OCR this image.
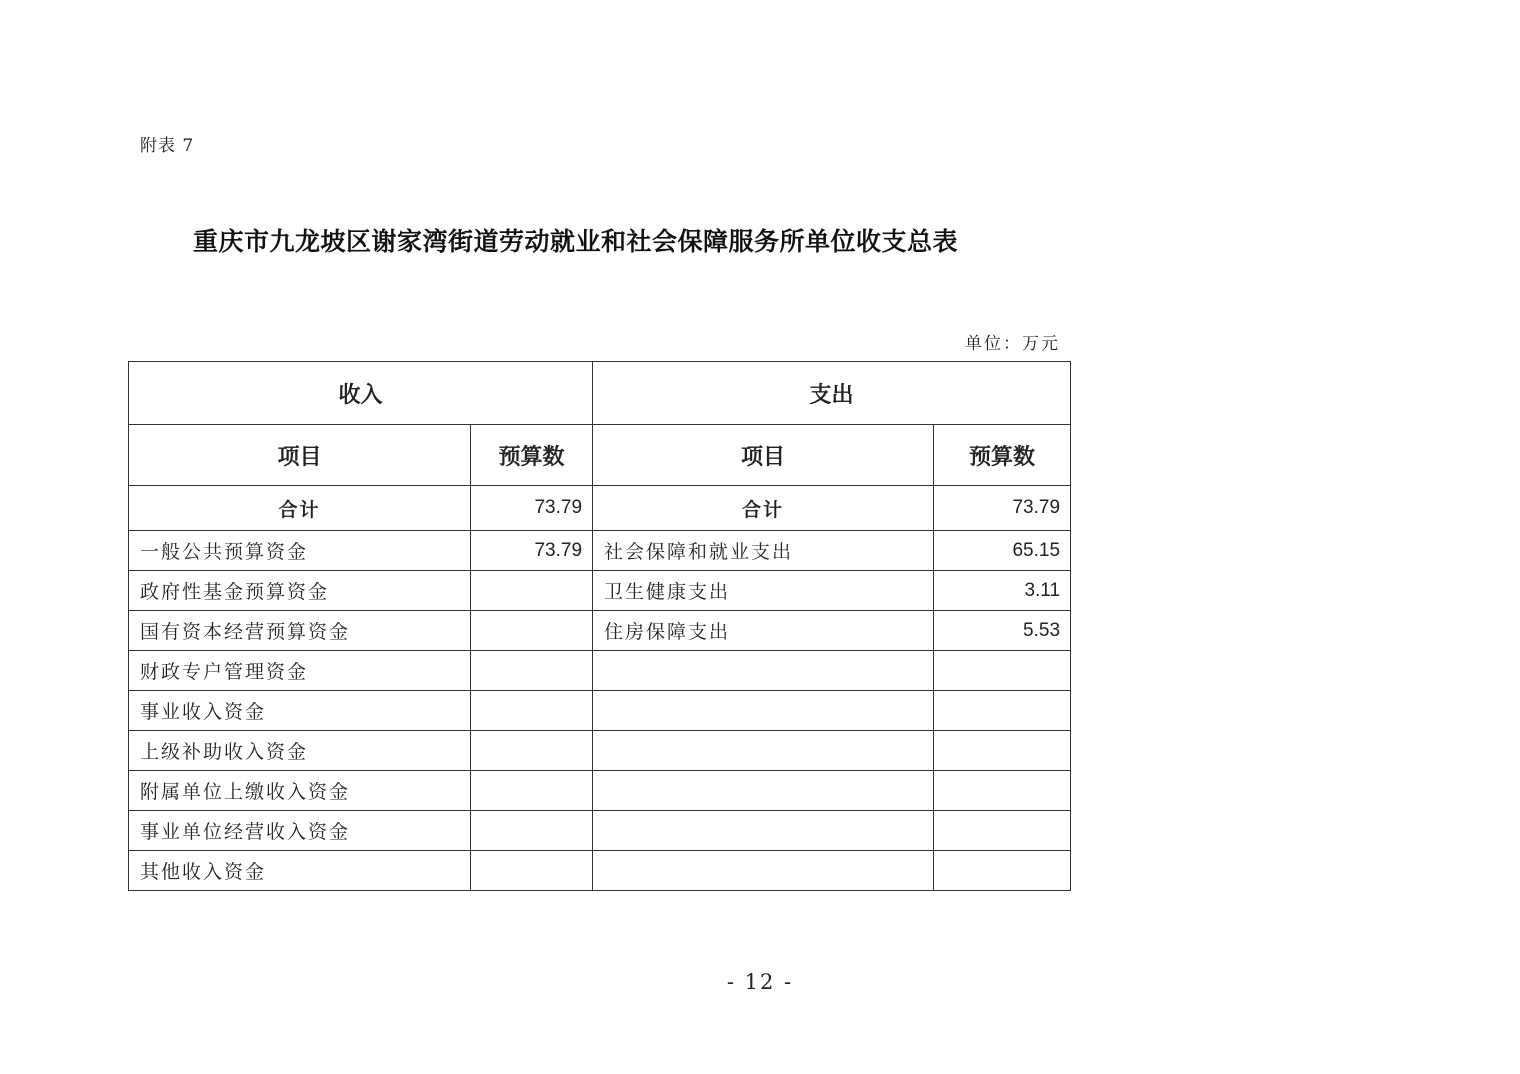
附表 7
重庆市九龙坡区谢家湾街道劳动就业和社会保障服务所单位收支总表
单位：万元
收入		支出	
项目	预算数	项目	预算数
合计	73.79	合计	73.79
一般公共预算资金	73.79	社会保障和就业支出	65.15
政府性基金预算资金		卫生健康支出	3.11
国有资本经营预算资金		住房保障支出	5.53
财政专户管理资金			
事业收入资金			
上级补助收入资金			
附属单位上缴收入资金			
事业单位经营收入资金			
其他收入资金			
- 12 -
